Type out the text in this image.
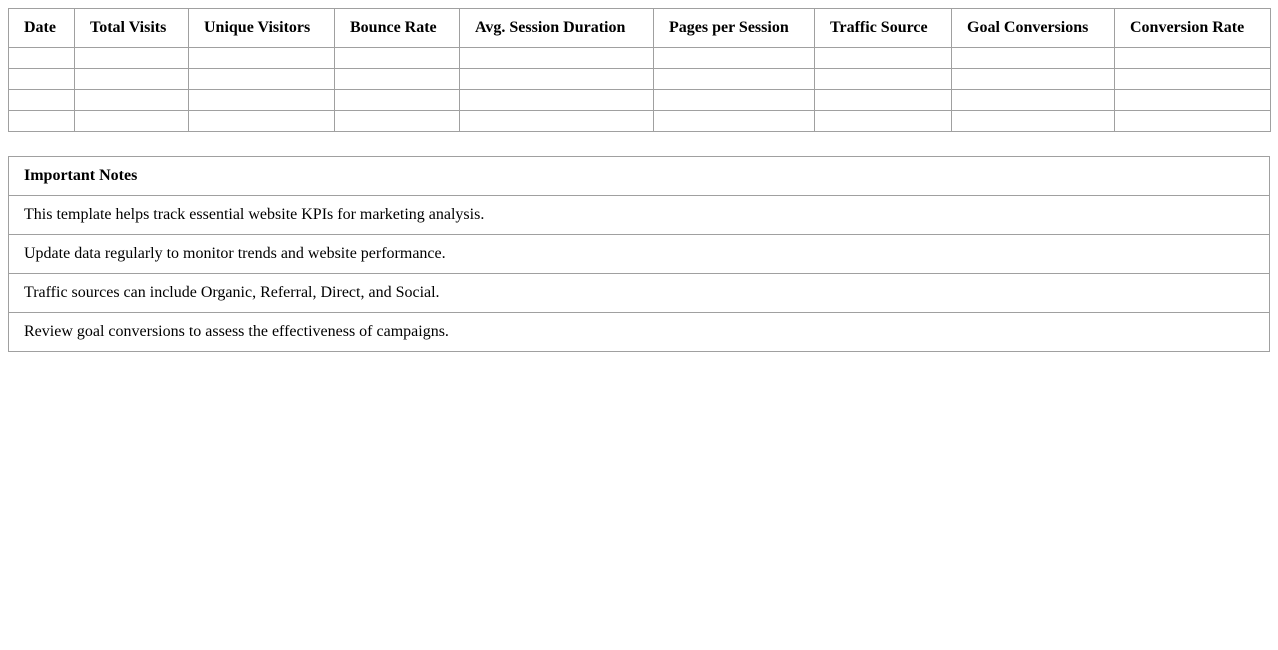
Date	Total Visits	Unique Visitors	Bounce Rate	Avg. Session Duration	Pages per Session	Traffic Source	Goal Conversions	Conversion Rate

Important Notes
This template helps track essential website KPIs for marketing analysis.
Update data regularly to monitor trends and website performance.
Traffic sources can include Organic, Referral, Direct, and Social.
Review goal conversions to assess the effectiveness of campaigns.
